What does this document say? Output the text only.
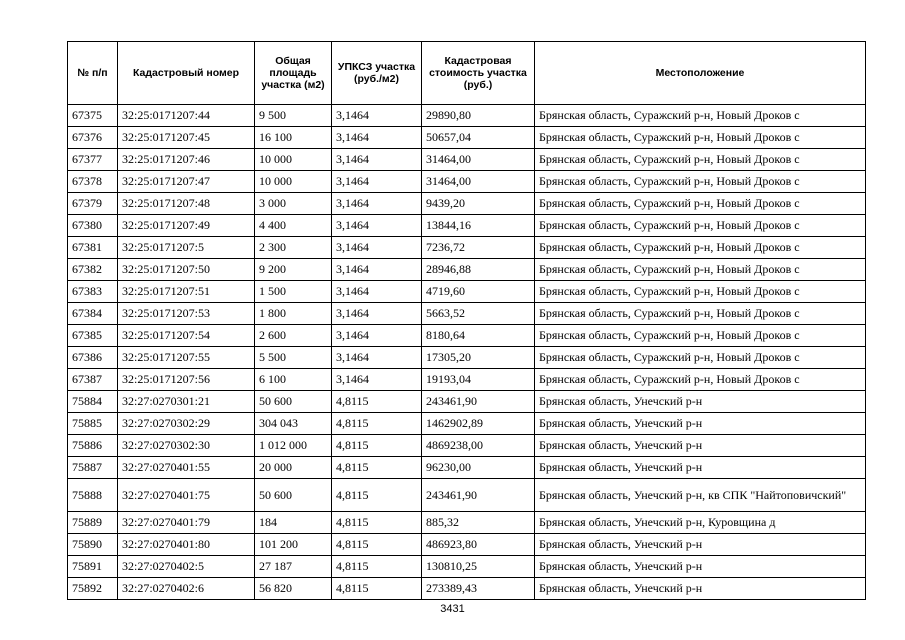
№ п/п	Кадастровый номер	Общая площадь участка (м2)	УПКСЗ участка (руб./м2)	Кадастровая стоимость участка (руб.)	Местоположение
67375	32:25:0171207:44	9 500	3,1464	29890,80	Брянская область, Суражский р-н, Новый Дроков с
67376	32:25:0171207:45	16 100	3,1464	50657,04	Брянская область, Суражский р-н, Новый Дроков с
67377	32:25:0171207:46	10 000	3,1464	31464,00	Брянская область, Суражский р-н, Новый Дроков с
67378	32:25:0171207:47	10 000	3,1464	31464,00	Брянская область, Суражский р-н, Новый Дроков с
67379	32:25:0171207:48	3 000	3,1464	9439,20	Брянская область, Суражский р-н, Новый Дроков с
67380	32:25:0171207:49	4 400	3,1464	13844,16	Брянская область, Суражский р-н, Новый Дроков с
67381	32:25:0171207:5	2 300	3,1464	7236,72	Брянская область, Суражский р-н, Новый Дроков с
67382	32:25:0171207:50	9 200	3,1464	28946,88	Брянская область, Суражский р-н, Новый Дроков с
67383	32:25:0171207:51	1 500	3,1464	4719,60	Брянская область, Суражский р-н, Новый Дроков с
67384	32:25:0171207:53	1 800	3,1464	5663,52	Брянская область, Суражский р-н, Новый Дроков с
67385	32:25:0171207:54	2 600	3,1464	8180,64	Брянская область, Суражский р-н, Новый Дроков с
67386	32:25:0171207:55	5 500	3,1464	17305,20	Брянская область, Суражский р-н, Новый Дроков с
67387	32:25:0171207:56	6 100	3,1464	19193,04	Брянская область, Суражский р-н, Новый Дроков с
75884	32:27:0270301:21	50 600	4,8115	243461,90	Брянская область, Унечский р-н
75885	32:27:0270302:29	304 043	4,8115	1462902,89	Брянская область, Унечский р-н
75886	32:27:0270302:30	1 012 000	4,8115	4869238,00	Брянская область, Унечский р-н
75887	32:27:0270401:55	20 000	4,8115	96230,00	Брянская область, Унечский р-н
75888	32:27:0270401:75	50 600	4,8115	243461,90	Брянская область, Унечский р-н, кв СПК "Найтоповичский"
75889	32:27:0270401:79	184	4,8115	885,32	Брянская область, Унечский р-н, Куровщина д
75890	32:27:0270401:80	101 200	4,8115	486923,80	Брянская область, Унечский р-н
75891	32:27:0270402:5	27 187	4,8115	130810,25	Брянская область, Унечский р-н
75892	32:27:0270402:6	56 820	4,8115	273389,43	Брянская область, Унечский р-н
3431
